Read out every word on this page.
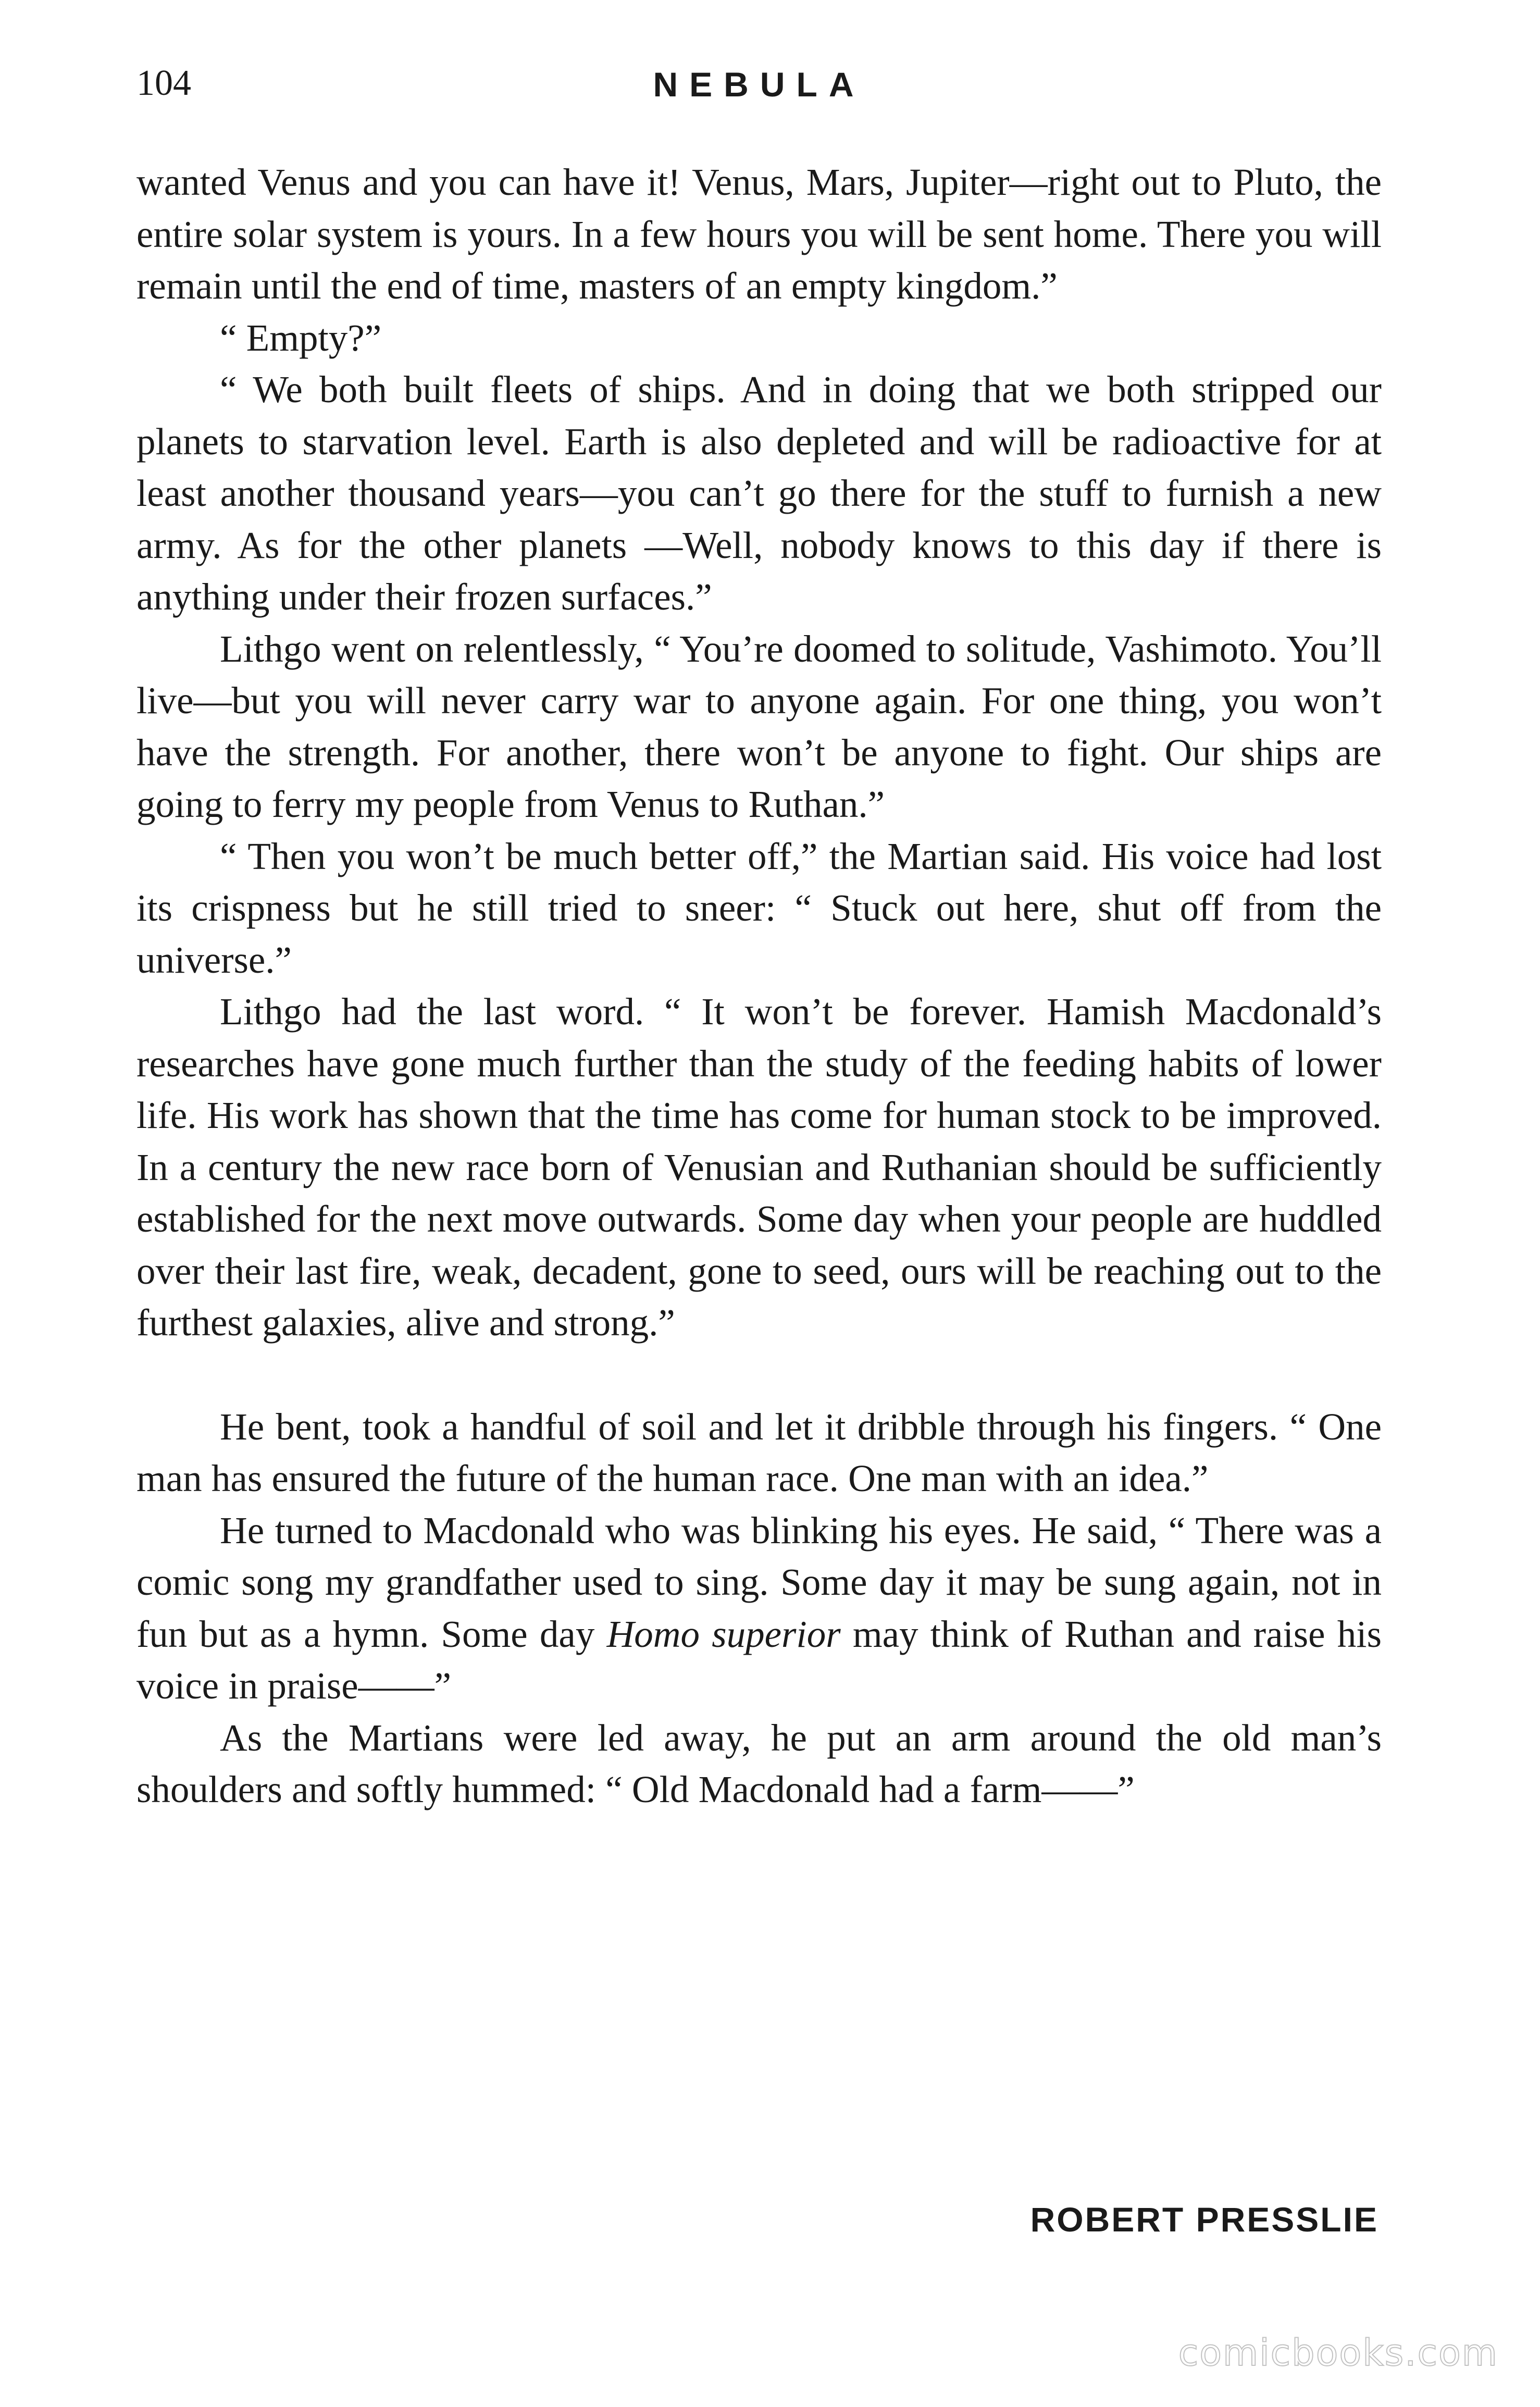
104	NEBULA

wanted Venus and you can have it! Venus, Mars, Jupiter—right out to Pluto, the entire solar system is yours. In a few hours you will be sent home. There you will remain until the end of time, masters of an empty kingdom.”

“ Empty?”

“ We both built fleets of ships. And in doing that we both stripped our planets to starvation level. Earth is also depleted and will be radioactive for at least another thousand years—you can’t go there for the stuff to furnish a new army. As for the other planets —Well, nobody knows to this day if there is anything under their frozen surfaces.”

Lithgo went on relentlessly, “ You’re doomed to solitude, Vashimoto. You’ll live—but you will never carry war to anyone again. For one thing, you won’t have the strength. For another, there won’t be anyone to fight. Our ships are going to ferry my people from Venus to Ruthan.”

“ Then you won’t be much better off,” the Martian said. His voice had lost its crispness but he still tried to sneer: “ Stuck out here, shut off from the universe.”

Lithgo had the last word. “ It won’t be forever. Hamish Macdonald’s researches have gone much further than the study of the feeding habits of lower life. His work has shown that the time has come for human stock to be improved. In a century the new race born of Venusian and Ruthanian should be sufficiently established for the next move outwards. Some day when your people are huddled over their last fire, weak, decadent, gone to seed, ours will be reaching out to the furthest galaxies, alive and strong.”

He bent, took a handful of soil and let it dribble through his fingers. “ One man has ensured the future of the human race. One man with an idea.”

He turned to Macdonald who was blinking his eyes. He said, “ There was a comic song my grandfather used to sing. Some day it may be sung again, not in fun but as a hymn. Some day Homo superior may think of Ruthan and raise his voice in praise——”

As the Martians were led away, he put an arm around the old man’s shoulders and softly hummed: “ Old Macdonald had a farm——”

ROBERT PRESSLIE
comicbooks.com
